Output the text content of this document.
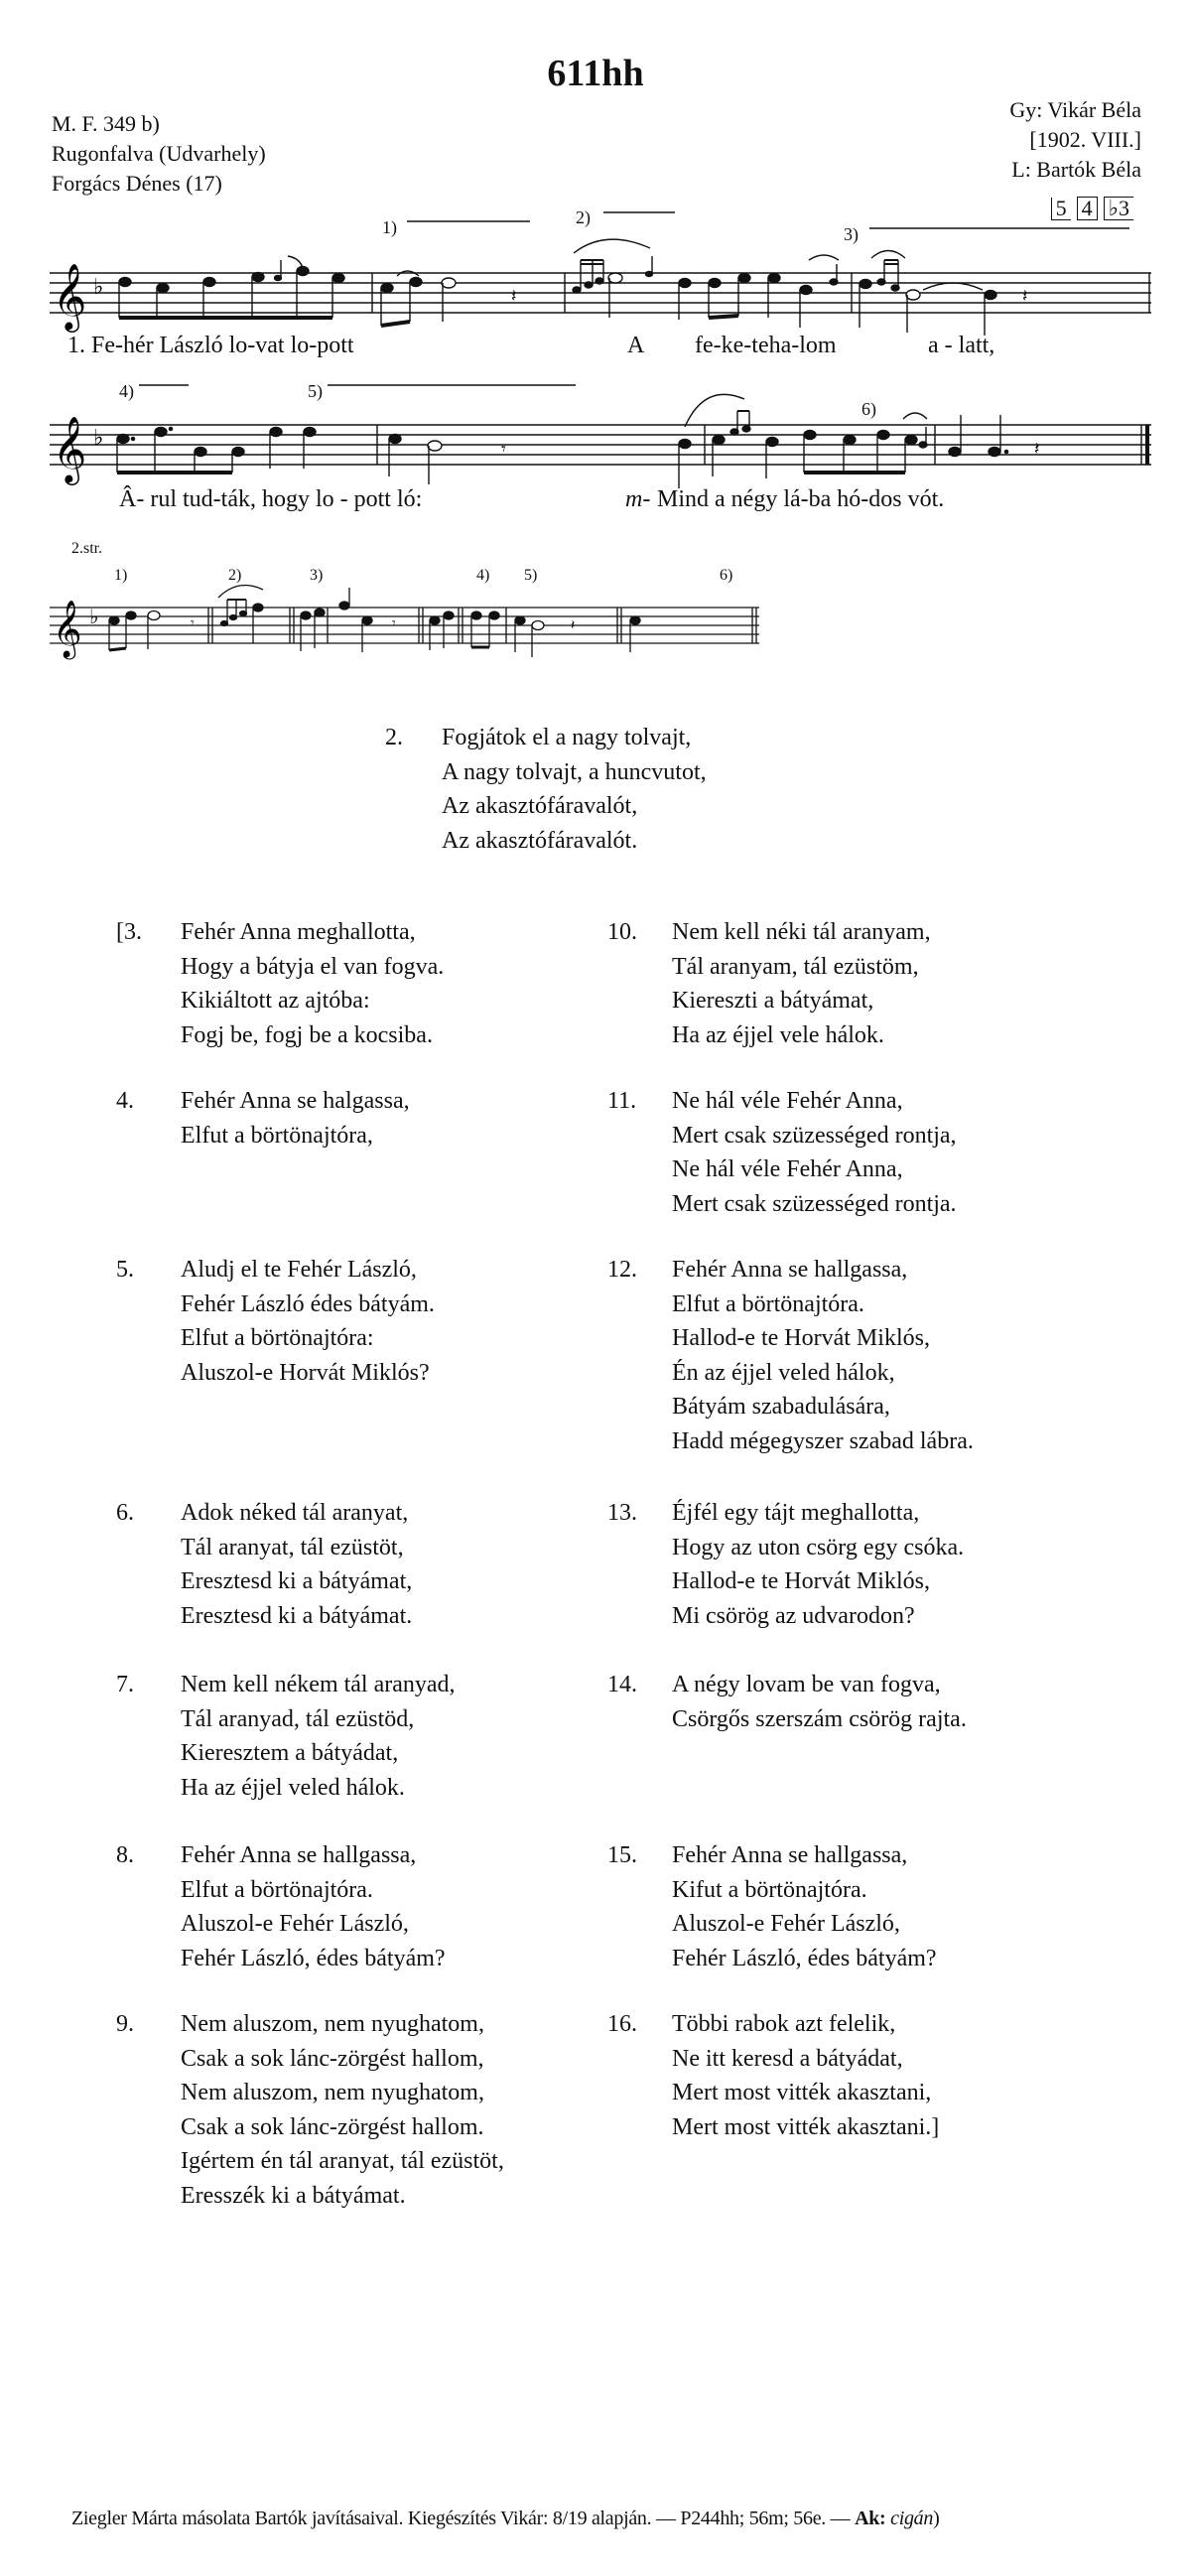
611hh
M. F. 349 b)
Rugonfalva (Udvarhely)
Forgács Dénes (17)
Gy: Vikár Béla
[1902. VIII.]
L: Bartók Béla
5 4 ♭3
𝄞 ♭	𝄽	𝄽
1)	2)
3)
1. Fe-hér László lo-vat lo-pott	A fe-ke-teha-lom	a - latt,
𝄞 ♭	𝄾	𝄽
4)	5)
6)
Â- rul tud-ták, hogy lo - pott ló:	m- Mind a négy lá-ba hó-dos vót.
2.str.
𝄞 ♭	𝄾	𝄾	𝄽
1)	2)	3)	4) 5)	6)
2. Fogjátok el a nagy tolvajt,
A nagy tolvajt, a huncvutot,
Az akasztófáravalót,
Az akasztófáravalót.
[3. Fehér Anna meghallotta,
Hogy a bátyja el van fogva.
Kikiáltott az ajtóba:
Fogj be, fogj be a kocsiba.
4. Fehér Anna se halgassa,
Elfut a börtönajtóra,
5. Aludj el te Fehér László,
Fehér László édes bátyám.
Elfut a börtönajtóra:
Aluszol-e Horvát Miklós?
6. Adok néked tál aranyat,
Tál aranyat, tál ezüstöt,
Eresztesd ki a bátyámat,
Eresztesd ki a bátyámat.
7. Nem kell nékem tál aranyad,
Tál aranyad, tál ezüstöd,
Kieresztem a bátyádat,
Ha az éjjel veled hálok.
8. Fehér Anna se hallgassa,
Elfut a börtönajtóra.
Aluszol-e Fehér László,
Fehér László, édes bátyám?
9. Nem aluszom, nem nyughatom,
Csak a sok lánc-zörgést hallom,
Nem aluszom, nem nyughatom,
Csak a sok lánc-zörgést hallom.
Igértem én tál aranyat, tál ezüstöt,
Eresszék ki a bátyámat.
10. Nem kell néki tál aranyam,
Tál aranyam, tál ezüstöm,
Kiereszti a bátyámat,
Ha az éjjel vele hálok.
11. Ne hál véle Fehér Anna,
Mert csak szüzességed rontja,
Ne hál véle Fehér Anna,
Mert csak szüzességed rontja.
12. Fehér Anna se hallgassa,
Elfut a börtönajtóra.
Hallod-e te Horvát Miklós,
Én az éjjel veled hálok,
Bátyám szabadulására,
Hadd mégegyszer szabad lábra.
13. Éjfél egy tájt meghallotta,
Hogy az uton csörg egy csóka.
Hallod-e te Horvát Miklós,
Mi csörög az udvarodon?
14. A négy lovam be van fogva,
Csörgős szerszám csörög rajta.
15. Fehér Anna se hallgassa,
Kifut a börtönajtóra.
Aluszol-e Fehér László,
Fehér László, édes bátyám?
16. Többi rabok azt felelik,
Ne itt keresd a bátyádat,
Mert most vitték akasztani,
Mert most vitték akasztani.]
Ziegler Márta másolata Bartók javításaival. Kiegészítés Vikár: 8/19 alapján. — P244hh; 56m; 56e. — Ak: cigán)
